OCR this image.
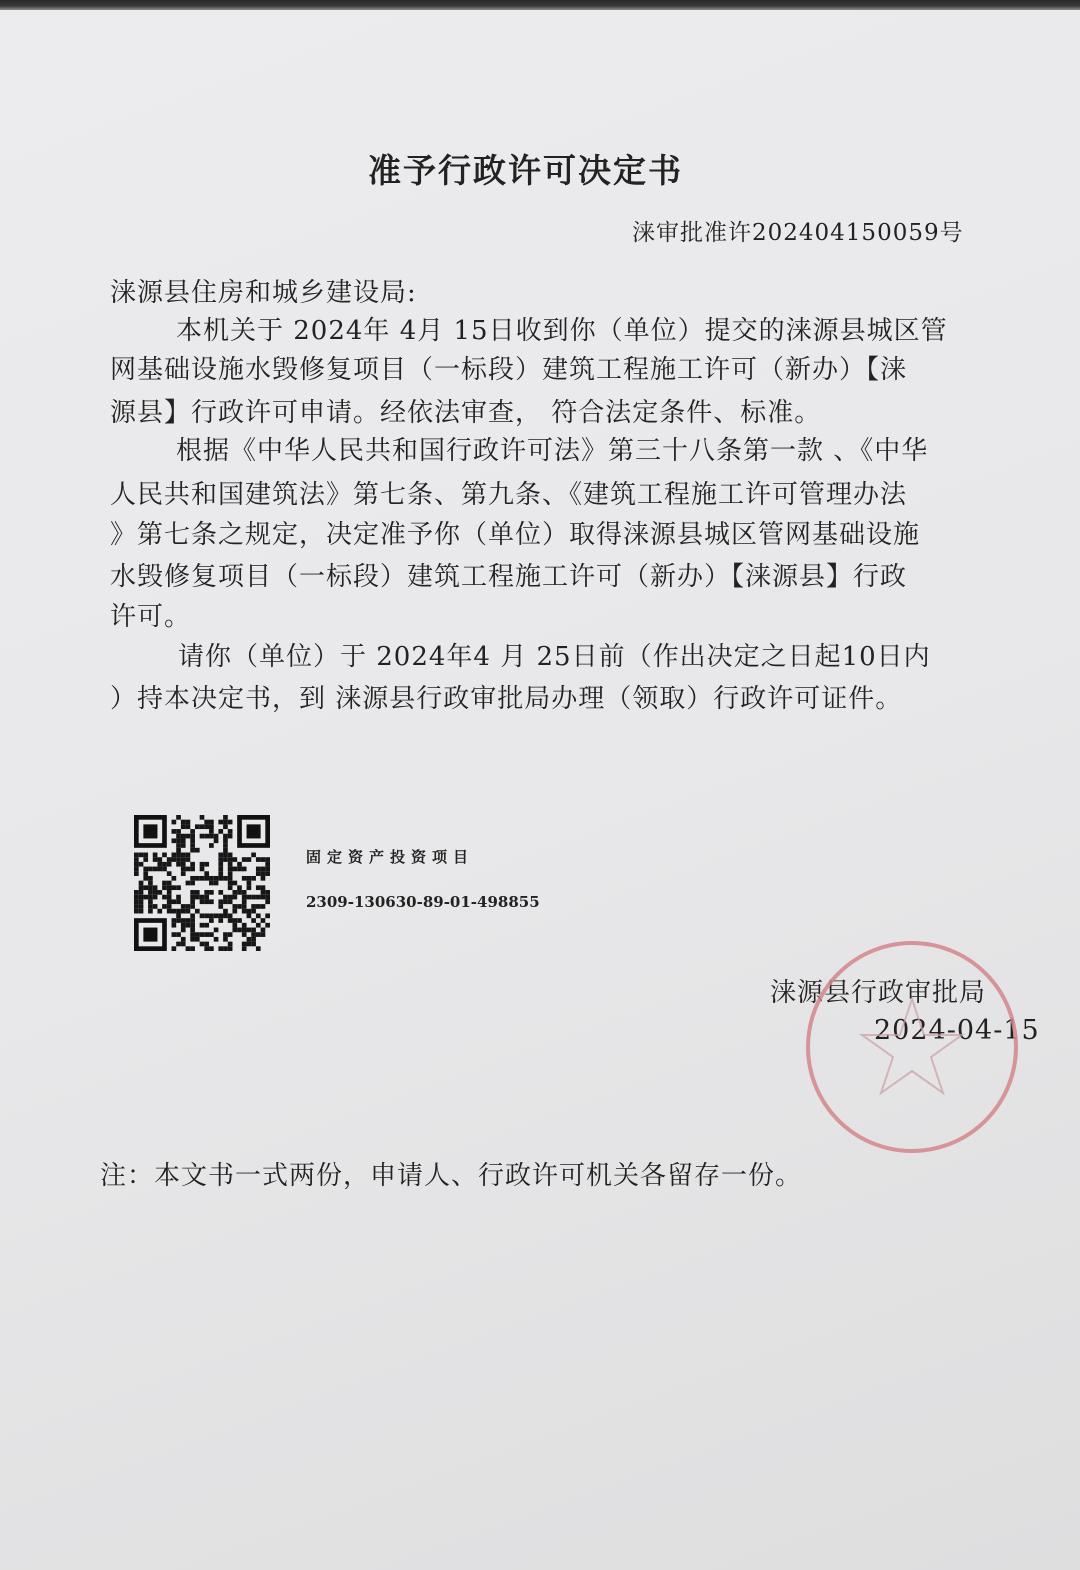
准予行政许可决定书
涞审批准许202404150059号
涞源县住房和城乡建设局:
本机关于 2024年 4月 15日收到你（单位）提交的涞源县城区管
网基础设施水毁修复项目（一标段）建筑工程施工许可（新办）【涞
源县】行政许可申请。经依法审查， 符合法定条件、标准。
根据《中华人民共和国行政许可法》第三十八条第一款 、《中华
人民共和国建筑法》第七条、第九条、《建筑工程施工许可管理办法
》第七条之规定，决定准予你（单位）取得涞源县城区管网基础设施
水毁修复项目（一标段）建筑工程施工许可（新办）【涞源县】行政
许可。
请你（单位）于 2024年4 月 25日前（作出决定之日起10日内
）持本决定书，到 涞源县行政审批局办理（领取）行政许可证件。
固定资产投资项目
2309-130630-89-01-498855
涞源县行政审批局
2024-04-15
注：本文书一式两份，申请人、行政许可机关各留存一份。
